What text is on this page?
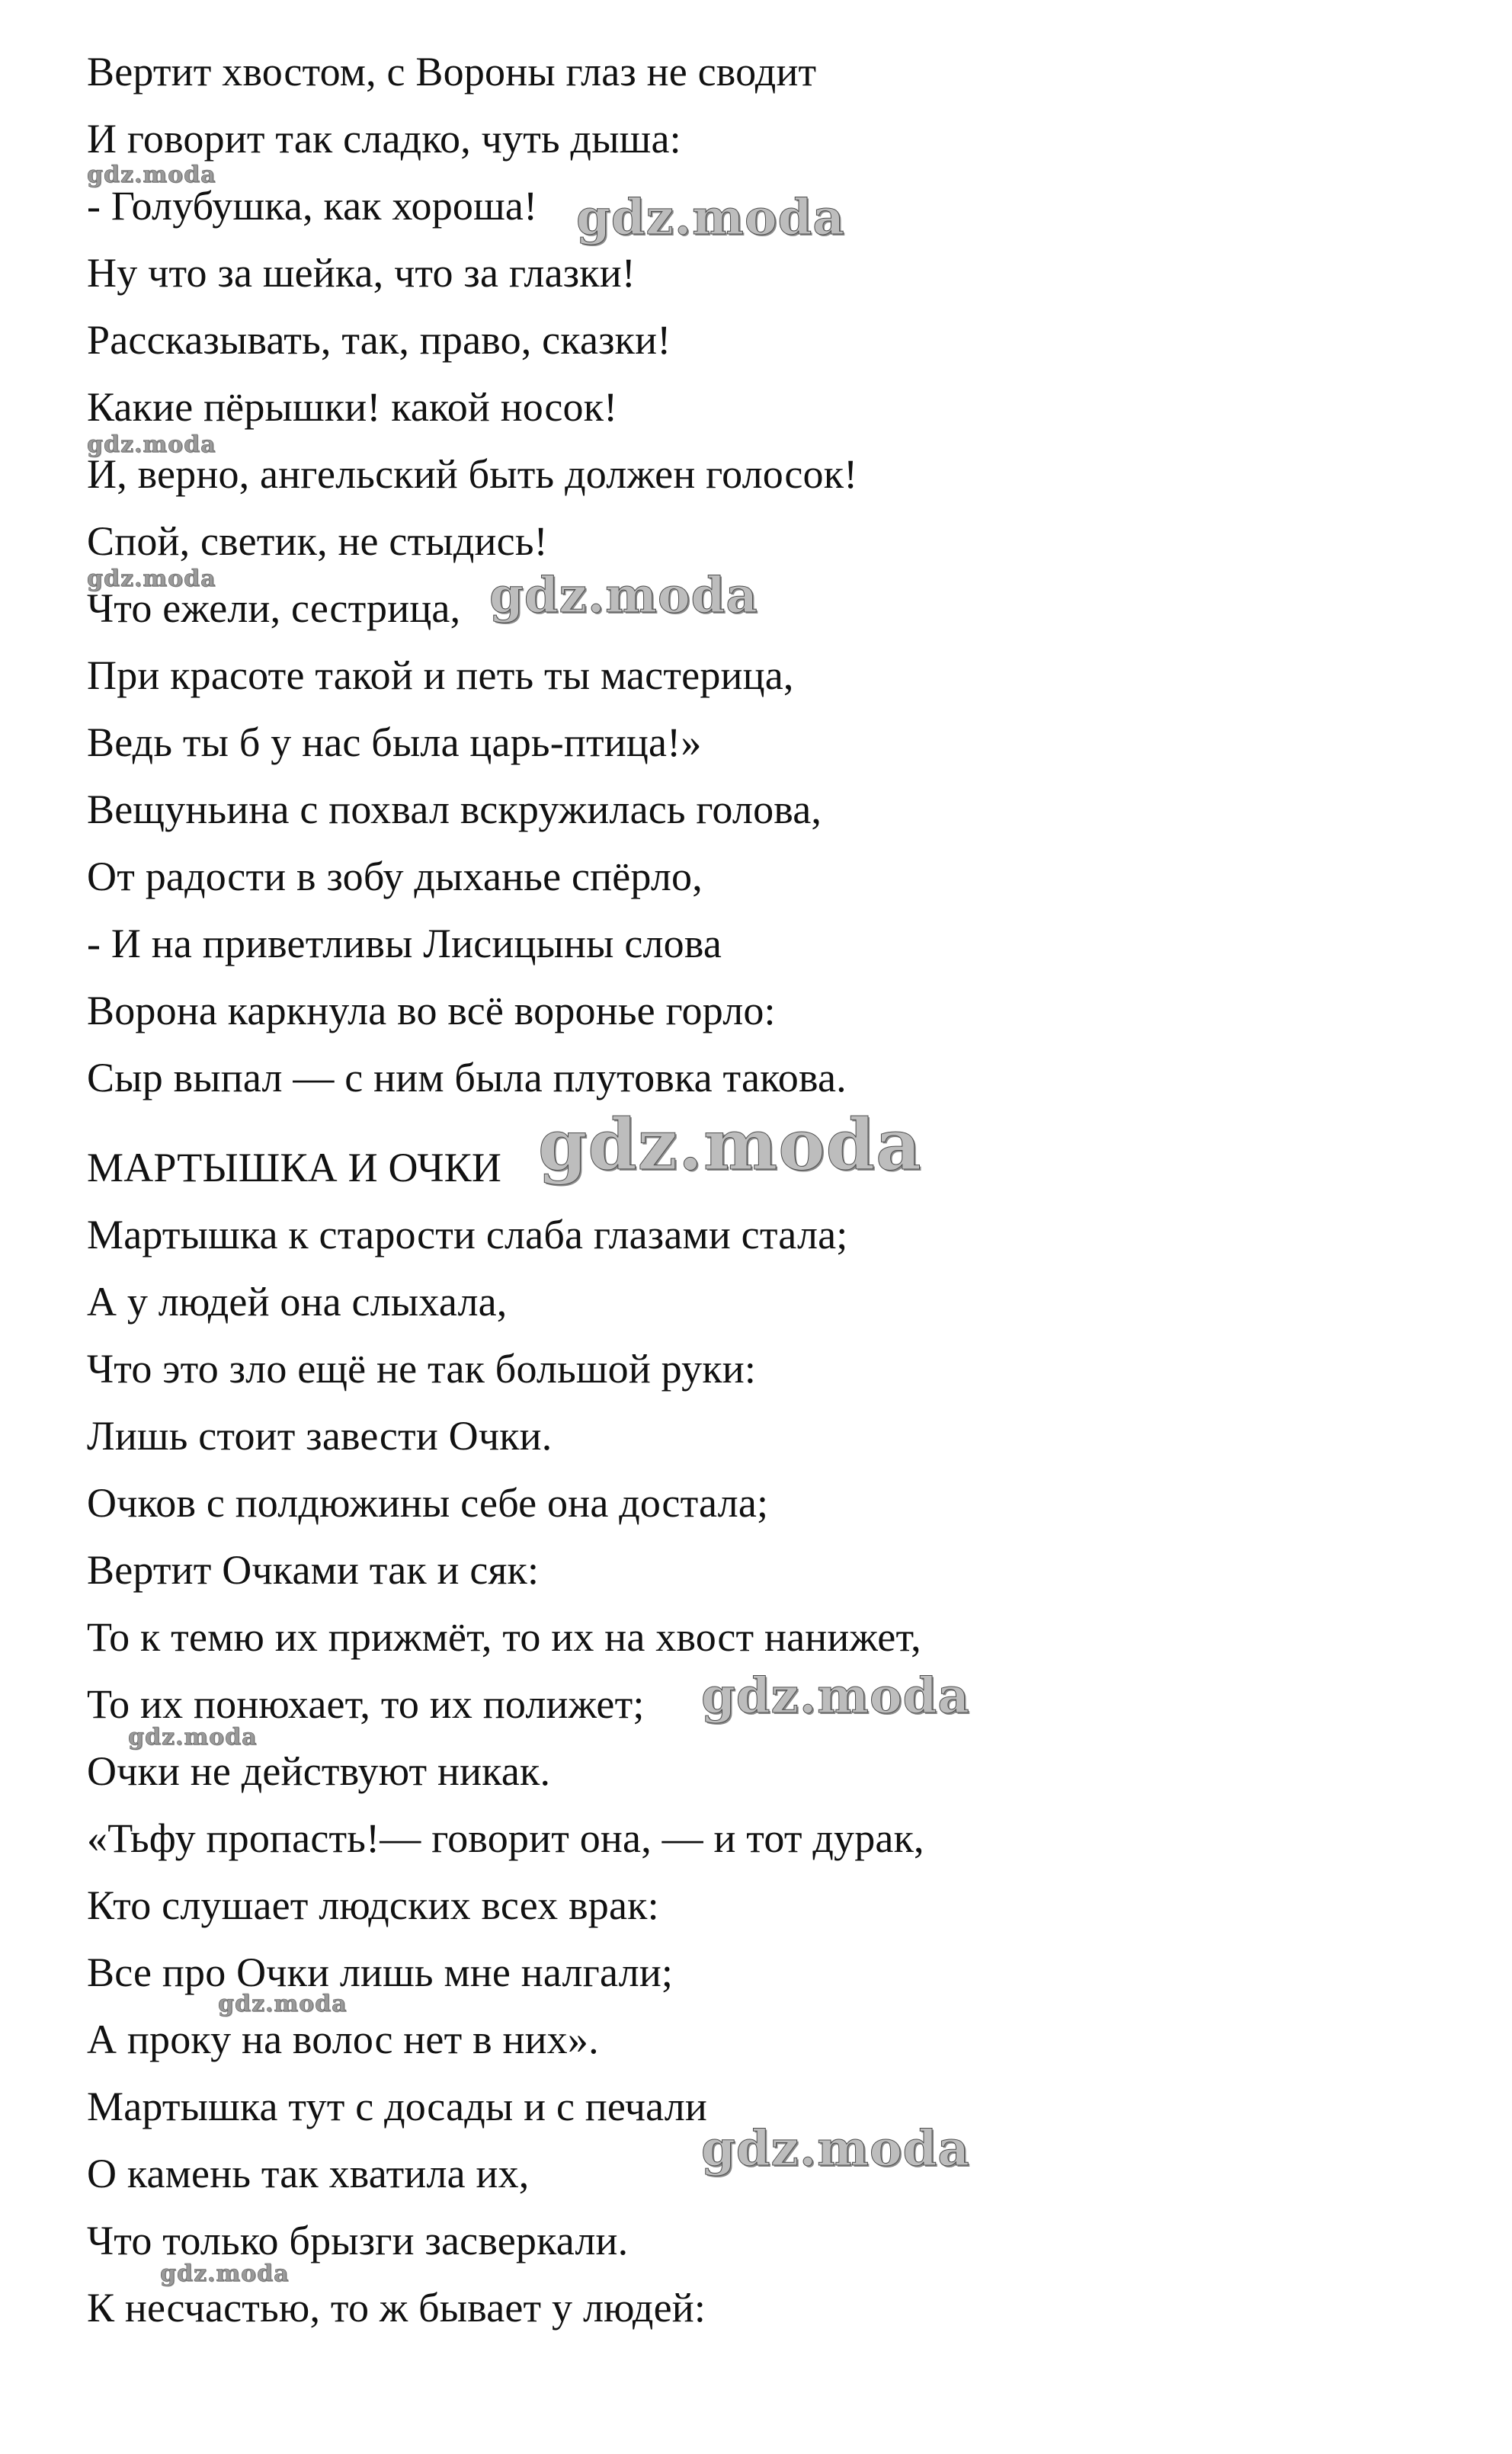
Вертит хвостом, с Вороны глаз не сводит
И говорит так сладко, чуть дыша:
- Голубушка, как хороша!
Ну что за шейка, что за глазки!
Рассказывать, так, право, сказки!
Какие пёрышки! какой носок!
И, верно, ангельский быть должен голосок!
Спой, светик, не стыдись!
Что ежели, сестрица,
При красоте такой и петь ты мастерица,
Ведь ты б у нас была царь-птица!»
Вещуньина с похвал вскружилась голова,
От радости в зобу дыханье спёрло,
- И на приветливы Лисицыны слова
Ворона каркнула во всё воронье горло:
Сыр выпал — с ним была плутовка такова.
МАРТЫШКА И ОЧКИ
Мартышка к старости слаба глазами стала;
А у людей она слыхала,
Что это зло ещё не так большой руки:
Лишь стоит завести Очки.
Очков с полдюжины себе она достала;
Вертит Очками так и сяк:
То к темю их прижмёт, то их на хвост нанижет,
То их понюхает, то их полижет;
Очки не действуют никак.
«Тьфу пропасть!— говорит она, — и тот дурак,
Кто слушает людских всех врак:
Все про Очки лишь мне налгали;
А проку на волос нет в них».
Мартышка тут с досады и с печали
О камень так хватила их,
Что только брызги засверкали.
К несчастью, то ж бывает у людей:
gdz.moda
gdz.moda
gdz.moda
gdz.moda	gdz.moda
gdz.moda
gdz.moda
gdz.moda
gdz.moda
gdz.moda
gdz.moda
